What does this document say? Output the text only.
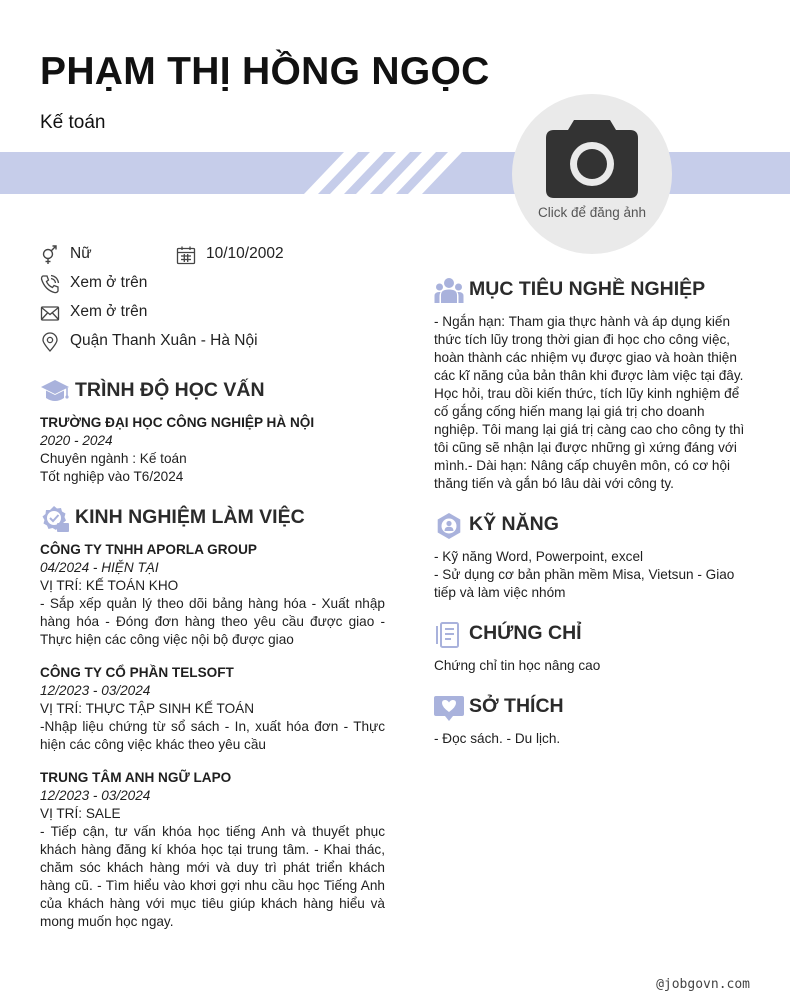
PHẠM THỊ HỒNG NGỌC
Kế toán
Click để đăng ảnh
Nữ	10/10/2002
Xem ở trên
Xem ở trên
Quận Thanh Xuân - Hà Nội
TRÌNH ĐỘ HỌC VẤN
TRƯỜNG ĐẠI HỌC CÔNG NGHIỆP HÀ NỘI
2020 - 2024
Chuyên ngành : Kế toán
Tốt nghiệp vào T6/2024
KINH NGHIỆM LÀM VIỆC
CÔNG TY TNHH APORLA GROUP
04/2024 - HIỆN TẠI
VỊ TRÍ: KẾ TOÁN KHO
- Sắp xếp quản lý theo dõi bảng hàng hóa - Xuất nhập hàng hóa - Đóng đơn hàng theo yêu cầu được giao - Thực hiện các công việc nội bộ được giao
CÔNG TY CỔ PHẦN TELSOFT
12/2023 - 03/2024
VỊ TRÍ: THỰC TẬP SINH KẾ TOÁN
-Nhập liệu chứng từ sổ sách - In, xuất hóa đơn - Thực hiện các công việc khác theo yêu cầu
TRUNG TÂM ANH NGỮ LAPO
12/2023 - 03/2024
VỊ TRÍ: SALE
- Tiếp cận, tư vấn khóa học tiếng Anh và thuyết phục khách hàng đăng kí khóa học tại trung tâm. - Khai thác, chăm sóc khách hàng mới và duy trì phát triển khách hàng cũ. - Tìm hiểu vào khơi gợi nhu cầu học Tiếng Anh của khách hàng với mục tiêu giúp khách hàng hiểu và mong muốn học ngay.
MỤC TIÊU NGHỀ NGHIỆP
- Ngắn hạn: Tham gia thực hành và áp dụng kiến thức tích lũy trong thời gian đi học cho công việc, hoàn thành các nhiệm vụ được giao và hoàn thiện các kĩ năng của bản thân khi được làm việc tại đây. Học hỏi, trau dồi kiến thức, tích lũy kinh nghiệm để cố gắng cống hiến mang lại giá trị cho doanh nghiệp. Tôi mang lại giá trị càng cao cho công ty thì tôi cũng sẽ nhận lại được những gì xứng đáng với mình.- Dài hạn: Nâng cấp chuyên môn, có cơ hội thăng tiến và gắn bó lâu dài với công ty.
KỸ NĂNG
- Kỹ năng Word, Powerpoint, excel
- Sử dụng cơ bản phần mềm Misa, Vietsun - Giao tiếp và làm việc nhóm
CHỨNG CHỈ
Chứng chỉ tin học nâng cao
SỞ THÍCH
- Đọc sách. - Du lịch.
@jobgovn.com
